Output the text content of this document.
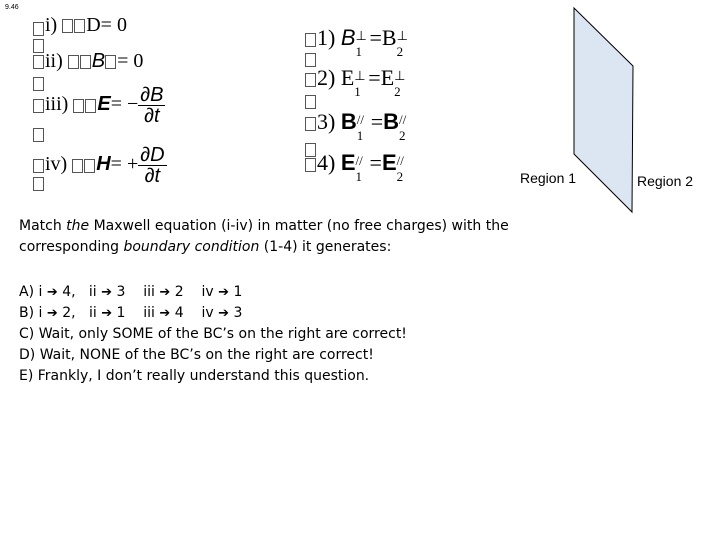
9.46
i) D= 0
ii) B = 0
iii) $E= - \frac{\partial B}{\partial t}$
iv) $H= + \frac{\partial D}{\partial t}$
1) B ⊥
1
=B ⊥
2
2) E ⊥
1
=E ⊥
2
3) B //
1
=B //
2
4) E //
1
=E //
2	Region 1	Region 2
Match the Maxwell equation (i-iv) in matter (no free charges) with the corresponding boundary condition (1-4) it generates:
A) i ➔ 4, ii ➔ 3 iii ➔ 2 iv ➔ 1
B) i ➔ 2, ii ➔ 1 iii ➔ 4 iv ➔ 3
C) Wait, only SOME of the BC’s on the right are correct!
D) Wait, NONE of the BC’s on the right are correct!
E) Frankly, I don’t really understand this question.
